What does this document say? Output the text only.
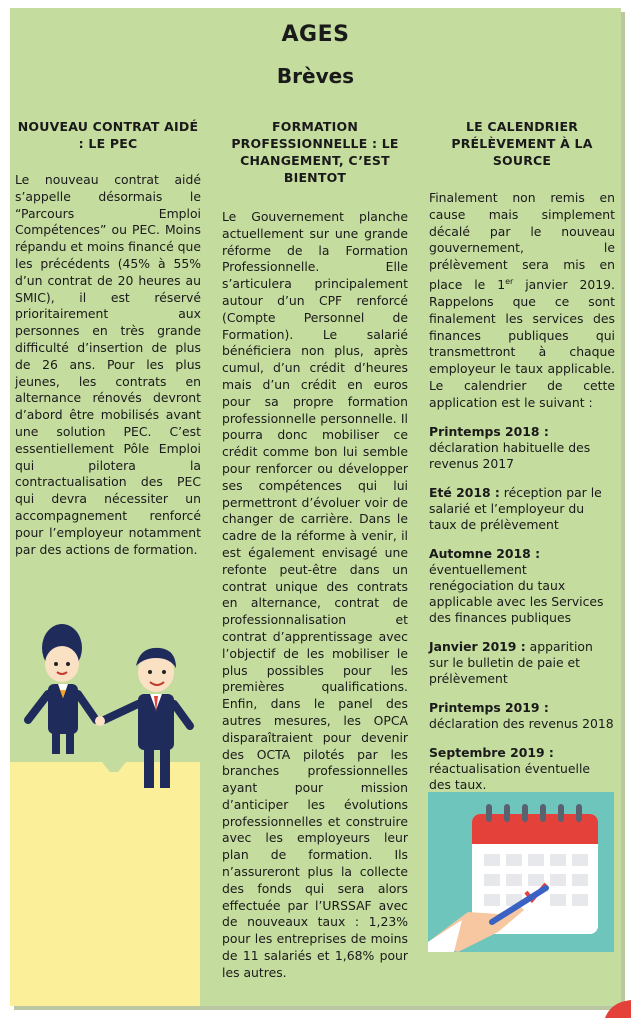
AGES
Brèves
NOUVEAU CONTRAT AIDÉ : LE PEC

Le nouveau contrat aidé s’appelle désormais le “Parcours Emploi Compétences” ou PEC. Moins répandu et moins financé que les précédents (45% à 55% d’un contrat de 20 heures au SMIC), il est réservé prioritairement aux personnes en très grande difficulté d’insertion de plus de 26 ans. Pour les plus jeunes, les contrats en alternance rénovés devront d’abord être mobilisés avant une solution PEC. C’est essentiellement Pôle Emploi qui pilotera la contractualisation des PEC qui devra nécessiter un accompagnement renforcé pour l’employeur notamment par des actions de formation.

FORMATION PROFESSIONNELLE : LE CHANGEMENT, C’EST BIENTOT

Le Gouvernement planche actuellement sur une grande réforme de la Formation Professionnelle. Elle s’articulera principalement autour d’un CPF renforcé (Compte Personnel de Formation). Le salarié bénéficiera non plus, après cumul, d’un crédit d’heures mais d’un crédit en euros pour sa propre formation professionnelle personnelle. Il pourra donc mobiliser ce crédit comme bon lui semble pour renforcer ou développer ses compétences qui lui permettront d’évoluer voir de changer de carrière. Dans le cadre de la réforme à venir, il est également envisagé une refonte peut-être dans un contrat unique des contrats en alternance, contrat de professionnalisation et contrat d’apprentissage avec l’objectif de les mobiliser le plus possibles pour les premières qualifications. Enfin, dans le panel des autres mesures, les OPCA disparaîtraient pour devenir des OCTA pilotés par les branches professionnelles ayant pour mission d’anticiper les évolutions professionnelles et construire avec les employeurs leur plan de formation. Ils n’assureront plus la collecte des fonds qui sera alors effectuée par l’URSSAF avec de nouveaux taux : 1,23% pour les entreprises de moins de 11 salariés et 1,68% pour les autres.

LE CALENDRIER PRÉLÈVEMENT À LA SOURCE

Finalement non remis en cause mais simplement décalé par le nouveau gouvernement, le prélèvement sera mis en place le 1er janvier 2019. Rappelons que ce sont finalement les services des finances publiques qui transmettront à chaque employeur le taux applicable. Le calendrier de cette application est le suivant :

Printemps 2018 : déclaration habituelle des revenus 2017
Eté 2018 : réception par le salarié et l’employeur du taux de prélèvement
Automne 2018 : éventuellement renégociation du taux applicable avec les Services des finances publiques
Janvier 2019 : apparition sur le bulletin de paie et prélèvement
Printemps 2019 : déclaration des revenus 2018
Septembre 2019 : réactualisation éventuelle des taux.
